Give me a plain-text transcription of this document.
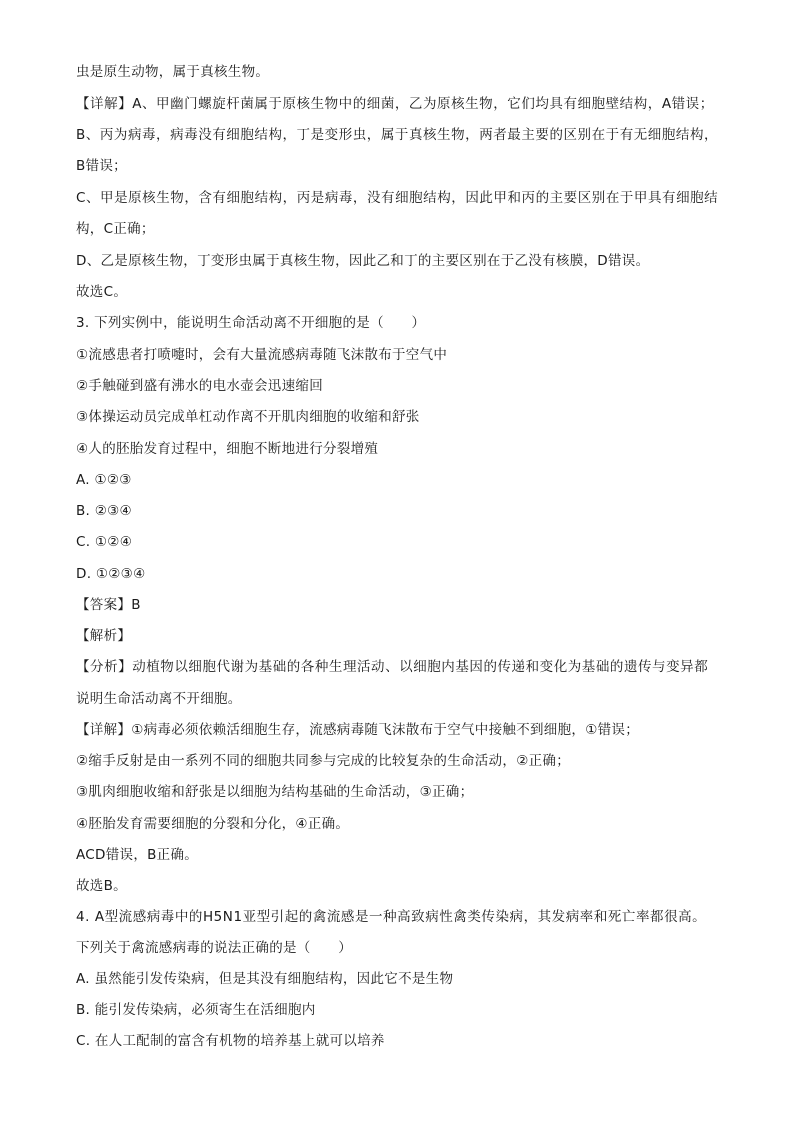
虫是原生动物，属于真核生物。
【详解】A、甲幽门螺旋杆菌属于原核生物中的细菌，乙为原核生物，它们均具有细胞壁结构，A错误；
B、丙为病毒，病毒没有细胞结构，丁是变形虫，属于真核生物，两者最主要的区别在于有无细胞结构，
B错误；
C、甲是原核生物，含有细胞结构，丙是病毒，没有细胞结构，因此甲和丙的主要区别在于甲具有细胞结
构，C正确；
D、乙是原核生物，丁变形虫属于真核生物，因此乙和丁的主要区别在于乙没有核膜，D错误。
故选C。
3. 下列实例中，能说明生命活动离不开细胞的是（　　）
①流感患者打喷嚏时，会有大量流感病毒随飞沫散布于空气中
②手触碰到盛有沸水的电水壶会迅速缩回
③体操运动员完成单杠动作离不开肌肉细胞的收缩和舒张
④人的胚胎发育过程中，细胞不断地进行分裂增殖
A. ①②③
B. ②③④
C. ①②④
D. ①②③④
【答案】B
【解析】
【分析】动植物以细胞代谢为基础的各种生理活动、以细胞内基因的传递和变化为基础的遗传与变异都
说明生命活动离不开细胞。
【详解】①病毒必须依赖活细胞生存，流感病毒随飞沫散布于空气中接触不到细胞，①错误；
②缩手反射是由一系列不同的细胞共同参与完成的比较复杂的生命活动，②正确；
③肌肉细胞收缩和舒张是以细胞为结构基础的生命活动，③正确；
④胚胎发育需要细胞的分裂和分化，④正确。
ACD错误，B正确。
故选B。
4. A型流感病毒中的H5N1亚型引起的禽流感是一种高致病性禽类传染病，其发病率和死亡率都很高。
下列关于禽流感病毒的说法正确的是（　　）
A. 虽然能引发传染病，但是其没有细胞结构，因此它不是生物
B. 能引发传染病，必须寄生在活细胞内
C. 在人工配制的富含有机物的培养基上就可以培养
